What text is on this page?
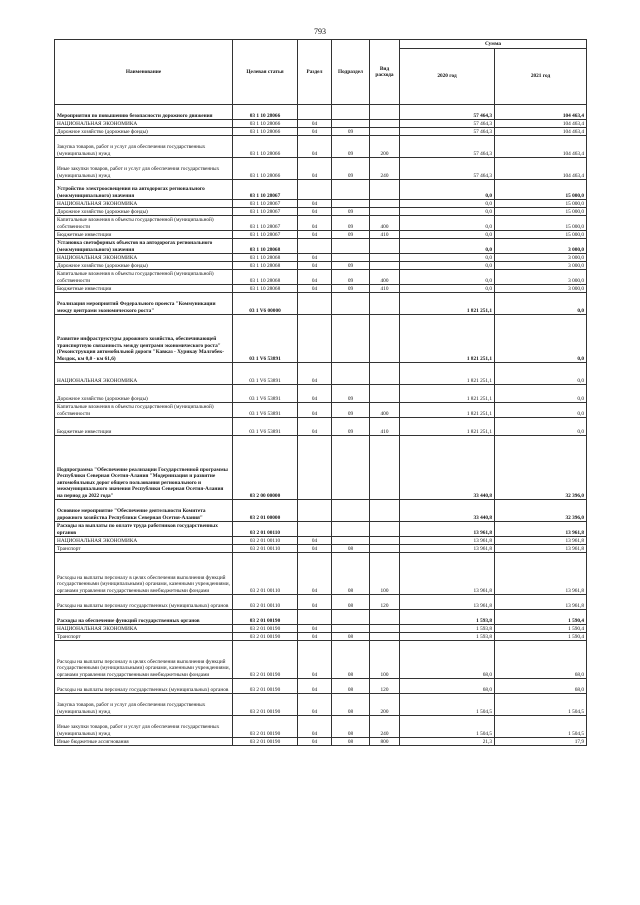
793
Наименование	Целевая статья	Раздел	Подраздел	Вид расхода	Сумма	
					2020 год	2021 год
Мероприятия по повышению безопасности дорожного движения	03 1 10 28066				57 464,3	104 463,4
НАЦИОНАЛЬНАЯ ЭКОНОМИКА	03 1 10 28066	04			57 464,3	104 463,4
Дорожное хозяйство (дорожные фонды)	03 1 10 28066	04	09		57 464,3	104 463,4
Закупка товаров, работ и услуг для обеспечения государственных (муниципальных) нужд	03 1 10 28066	04	09	200	57 464,3	104 463,4
Иные закупки товаров, работ и услуг для обеспечения государственных (муниципальных) нужд	03 1 10 28066	04	09	240	57 464,3	104 463,4
Устройство электроосвещения на автодорогах регионального (межмуниципального) значения	03 1 10 28067				0,0	15 000,0
НАЦИОНАЛЬНАЯ ЭКОНОМИКА	03 1 10 28067	04			0,0	15 000,0
Дорожное хозяйство (дорожные фонды)	03 1 10 28067	04	09		0,0	15 000,0
Капитальные вложения в объекты государственной (муниципальной) собственности	03 1 10 28067	04	09	400	0,0	15 000,0
Бюджетные инвестиции	03 1 10 28067	04	09	410	0,0	15 000,0
Установка светофорных объектов на автодорогах регионального (межмуниципального) значения	03 1 10 28068				0,0	3 000,0
НАЦИОНАЛЬНАЯ ЭКОНОМИКА	03 1 10 28068	04			0,0	3 000,0
Дорожное хозяйство (дорожные фонды)	03 1 10 28068	04	09		0,0	3 000,0
Капитальные вложения в объекты государственной (муниципальной) собственности	03 1 10 28068	04	09	400	0,0	3 000,0
Бюджетные инвестиции	03 1 10 28068	04	09	410	0,0	3 000,0
Реализация мероприятий Федерального проекта "Коммуникации между центрами экономического роста"	03 1 V6 00000				1 821 251,1	0,0
Развитие инфраструктуры дорожного хозяйства, обеспечивающей транспортную связанность между центрами экономического роста" (Реконструкция автомобильной дороги "Кавказ - Хурикау Малгобек-Моздок, км 0,0 - км 61,6)	03 1 V6 53891				1 821 251,1	0,0
НАЦИОНАЛЬНАЯ ЭКОНОМИКА	03 1 V6 53891	04			1 821 251,1	0,0
Дорожное хозяйство (дорожные фонды)	03 1 V6 53891	04	09		1 821 251,1	0,0
Капитальные вложения в объекты государственной (муниципальной) собственности	03 1 V6 53891	04	09	400	1 821 251,1	0,0
Бюджетные инвестиции	03 1 V6 53891	04	09	410	1 821 251,1	0,0
Подпрограмма "Обеспечение реализации Государственной программы Республики Северная Осетия-Алания "Модернизация и развитие автомобильных дорог общего пользования регионального и межмуниципального значения Республики Северная Осетия-Алания на период до 2022 года"	03 2 00 00000				33 440,8	32 396,0
Основное мероприятие "Обеспечение деятельности Комитета дорожного хозяйства Республики Северная Осетия-Алания"	03 2 01 00000				33 440,8	32 396,0
Расходы на выплаты по оплате труда работников государственных органов	03 2 01 00110				13 961,8	13 961,8
НАЦИОНАЛЬНАЯ ЭКОНОМИКА	03 2 01 00110	04			13 961,8	13 961,8
Транспорт	03 2 01 00110	04	08		13 961,8	13 961,8
Расходы на выплаты персоналу в целях обеспечения выполнения функций государственными (муниципальными) органами, казенными учреждениями, органами управления государственными внебюджетными фондами	03 2 01 00110	04	08	100	13 961,8	13 961,8
Расходы на выплаты персоналу государственных (муниципальных) органов	03 2 01 00110	04	08	120	13 961,8	13 961,8
Расходы на обеспечение функций государственных органов	03 2 01 00190				1 593,8	1 590,4
НАЦИОНАЛЬНАЯ ЭКОНОМИКА	03 2 01 00190	04			1 593,8	1 590,4
Транспорт	03 2 01 00190	04	08		1 593,8	1 590,4
Расходы на выплаты персоналу в целях обеспечения выполнения функций государственными (муниципальными) органами, казенными учреждениями, органами управления государственными внебюджетными фондами	03 2 01 00190	04	08	100	68,0	68,0
Расходы на выплаты персоналу государственных (муниципальных) органов	03 2 01 00190	04	08	120	68,0	68,0
Закупка товаров, работ и услуг для обеспечения государственных (муниципальных) нужд	03 2 01 00190	04	08	200	1 504,5	1 504,5
Иные закупки товаров, работ и услуг для обеспечения государственных (муниципальных) нужд	03 2 01 00190	04	08	240	1 504,5	1 504,5
Иные бюджетные ассигнования	03 2 01 00190	04	08	800	21,3	17,9
